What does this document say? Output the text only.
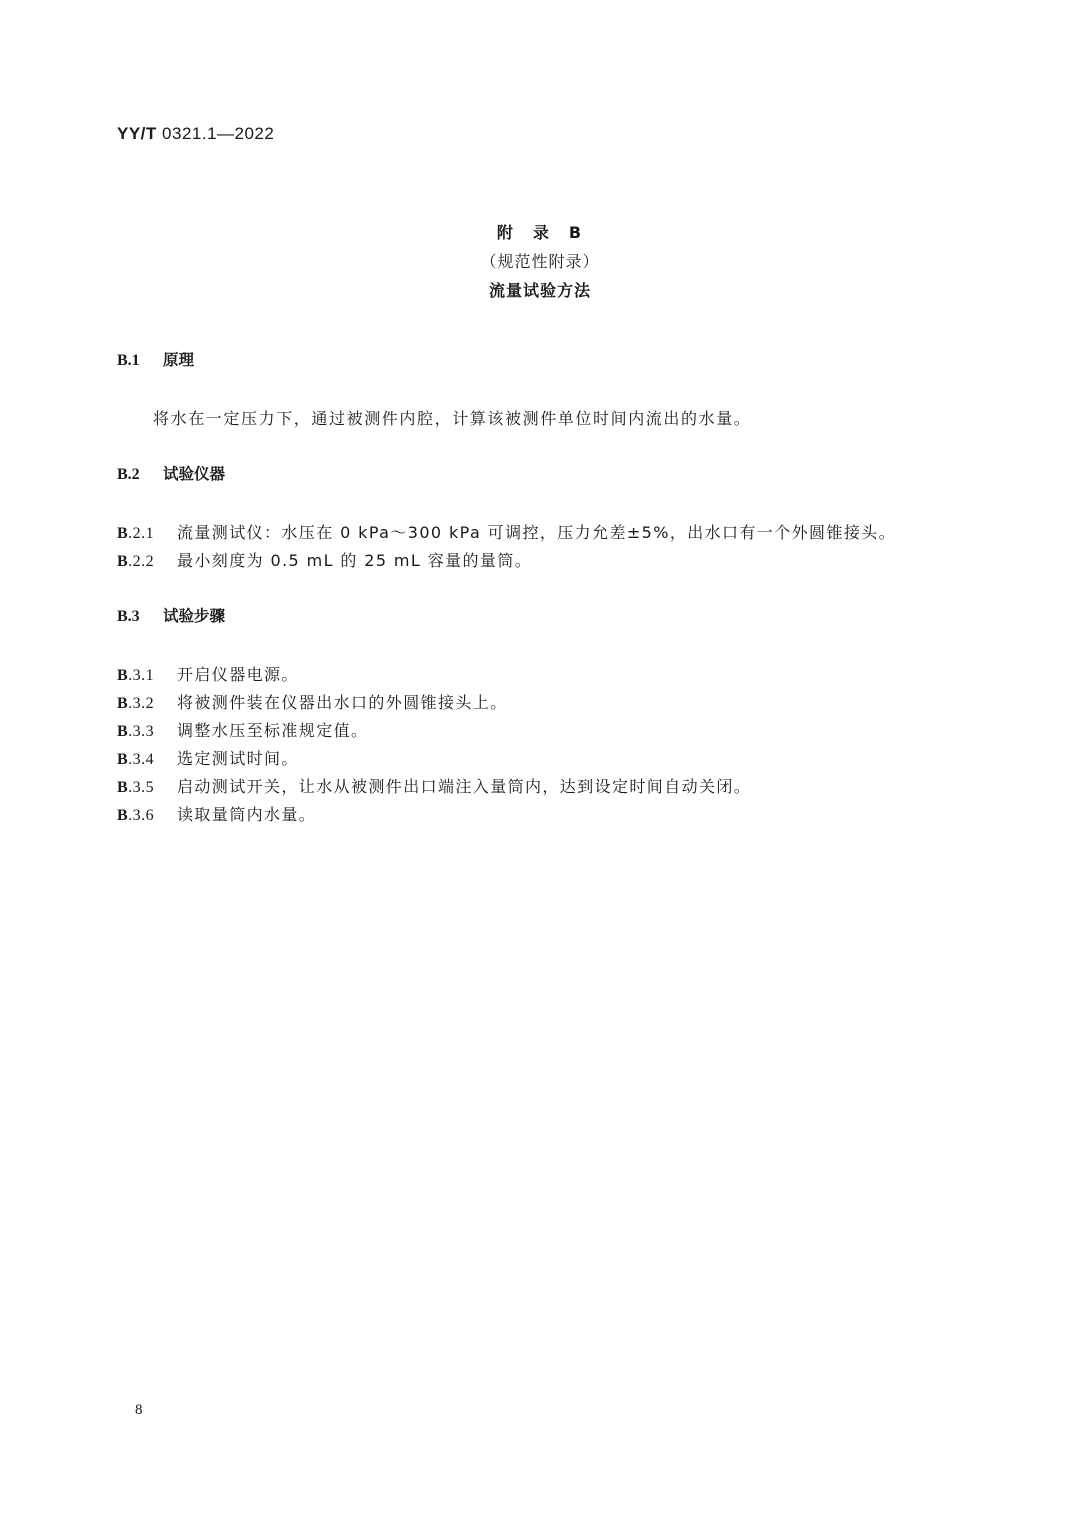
YY/T 0321.1—2022
附　录　B
（规范性附录）
流量试验方法
B.1 原理
将水在一定压力下，通过被测件内腔，计算该被测件单位时间内流出的水量。
B.2 试验仪器
B.2.1 流量测试仪：水压在 0 kPa～300 kPa 可调控，压力允差±5%，出水口有一个外圆锥接头。
B.2.2 最小刻度为 0.5 mL 的 25 mL 容量的量筒。
B.3 试验步骤
B.3.1 开启仪器电源。
B.3.2 将被测件装在仪器出水口的外圆锥接头上。
B.3.3 调整水压至标准规定值。
B.3.4 选定测试时间。
B.3.5 启动测试开关，让水从被测件出口端注入量筒内，达到设定时间自动关闭。
B.3.6 读取量筒内水量。
8
